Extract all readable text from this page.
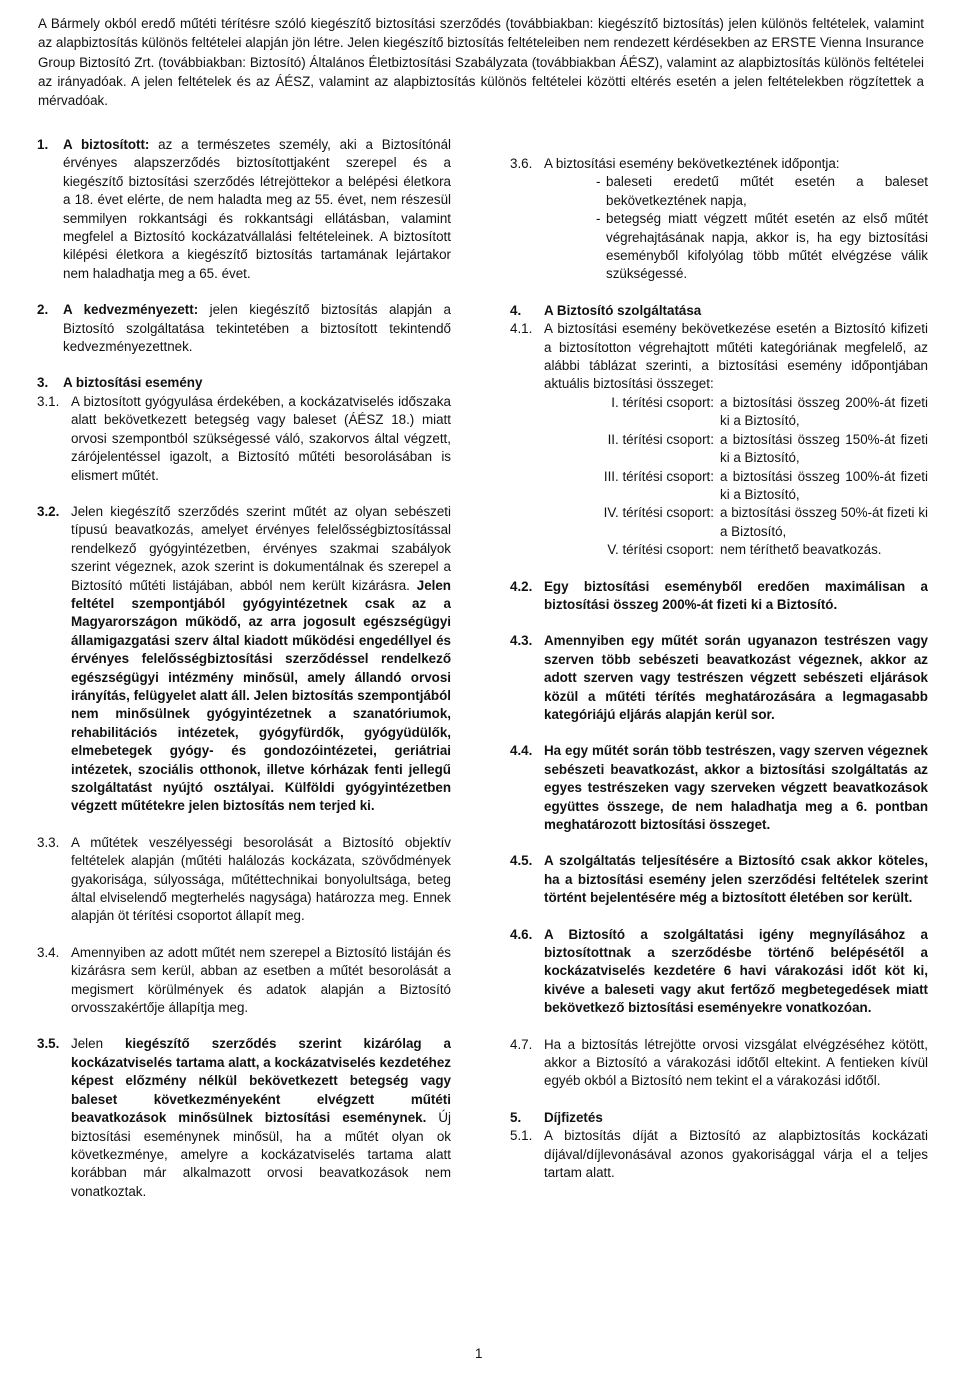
A Bármely okból eredő műtéti térítésre szóló kiegészítő biztosítási szerződés (továbbiakban: kiegészítő biztosítás) jelen különös feltételek, valamint az alapbiztosítás különös feltételei alapján jön létre. Jelen kiegészítő biztosítás feltételeiben nem rendezett kérdésekben az ERSTE Vienna Insurance Group Biztosító Zrt. (továbbiakban: Biztosító) Általános Életbiztosítási Szabályzata (továbbiakban ÁÉSZ), valamint az alapbiztosítás különös feltételei az irányadóak. A jelen feltételek és az ÁÉSZ, valamint az alapbiztosítás különös feltételei közötti eltérés esetén a jelen feltételekben rögzítettek a mérvadóak.
1. A biztosított: az a természetes személy, aki a Biztosítónál érvényes alapszerződés biztosítottjaként szerepel és a kiegészítő biztosítási szerződés létrejöttekor a belépési életkora a 18. évet elérte, de nem haladta meg az 55. évet, nem részesül semmilyen rokkantsági és rokkantsági ellátásban, valamint megfelel a Biztosító kockázatvállalási feltételeinek. A biztosított kilépési életkora a kiegészítő biztosítás tartamának lejártakor nem haladhatja meg a 65. évet.
2. A kedvezményezett: jelen kiegészítő biztosítás alapján a Biztosító szolgáltatása tekintetében a biztosított tekintendő kedvezményezettnek.
3. A biztosítási esemény
3.1. A biztosított gyógyulása érdekében, a kockázatviselés időszaka alatt bekövetkezett betegség vagy baleset (ÁÉSZ 18.) miatt orvosi szempontból szükségessé váló, szakorvos által végzett, zárójelentéssel igazolt, a Biztosító műtéti besorolásában is elismert műtét.
3.2. Jelen kiegészítő szerződés szerint műtét az olyan sebészeti típusú beavatkozás, amelyet érvényes felelősségbiztosítással rendelkező gyógyintézetben, érvényes szakmai szabályok szerint végeznek, azok szerint is dokumentálnak és szerepel a Biztosító műtéti listájában, abból nem került kizárásra. Jelen feltétel szempontjából gyógyintézetnek csak az a Magyarországon működő, az arra jogosult egészségügyi államigazgatási szerv által kiadott működési engedéllyel és érvényes felelősségbiztosítási szerződéssel rendelkező egészségügyi intézmény minősül, amely állandó orvosi irányítás, felügyelet alatt áll. Jelen biztosítás szempontjából nem minősülnek gyógyintézetnek a szanatóriumok, rehabilitációs intézetek, gyógyfürdők, gyógyüdülők, elmebetegek gyógy- és gondozóintézetei, geriátriai intézetek, szociális otthonok, illetve kórházak fenti jellegű szolgáltatást nyújtó osztályai. Külföldi gyógyintézetben végzett műtétekre jelen biztosítás nem terjed ki.
3.3. A műtétek veszélyességi besorolását a Biztosító objektív feltételek alapján (műtéti halálozás kockázata, szövődmények gyakorisága, súlyossága, műtéttechnikai bonyolultsága, beteg által elviselendő megterhelés nagysága) határozza meg. Ennek alapján öt térítési csoportot állapít meg.
3.4. Amennyiben az adott műtét nem szerepel a Biztosító listáján és kizárásra sem kerül, abban az esetben a műtét besorolását a megismert körülmények és adatok alapján a Biztosító orvosszakértője állapítja meg.
3.5. Jelen kiegészítő szerződés szerint kizárólag a kockázatviselés tartama alatt, a kockázatviselés kezdetéhez képest előzmény nélkül bekövetkezett betegség vagy baleset következményeként elvégzett műtéti beavatkozások minősülnek biztosítási eseménynek. Új biztosítási eseménynek minősül, ha a műtét olyan ok következménye, amelyre a kockázatviselés tartama alatt korábban már alkalmazott orvosi beavatkozások nem vonatkoztak.
3.6. A biztosítási esemény bekövetkeztének időpontja:
- baleseti eredetű műtét esetén a baleset bekövetkeztének napja,
- betegség miatt végzett műtét esetén az első műtét végrehajtásának napja, akkor is, ha egy biztosítási eseményből kifolyólag több műtét elvégzése válik szükségessé.
4. A Biztosító szolgáltatása
4.1. A biztosítási esemény bekövetkezése esetén a Biztosító kifizeti a biztosítotton végrehajtott műtéti kategóriának megfelelő, az alábbi táblázat szerinti, a biztosítási esemény időpontjában aktuális biztosítási összeget:
I. térítési csoport:	a biztosítási összeg 200%-át fizeti ki a Biztosító,
II. térítési csoport:	a biztosítási összeg 150%-át fizeti ki a Biztosító,
III. térítési csoport:	a biztosítási összeg 100%-át fizeti ki a Biztosító,
IV. térítési csoport:	a biztosítási összeg 50%-át fizeti ki a Biztosító,
V. térítési csoport:	nem téríthető beavatkozás.
4.2. Egy biztosítási eseményből eredően maximálisan a biztosítási összeg 200%-át fizeti ki a Biztosító.
4.3. Amennyiben egy műtét során ugyanazon testrészen vagy szerven több sebészeti beavatkozást végeznek, akkor az adott szerven vagy testrészen végzett sebészeti eljárások közül a műtéti térítés meghatározására a legmagasabb kategóriájú eljárás alapján kerül sor.
4.4. Ha egy műtét során több testrészen, vagy szerven végeznek sebészeti beavatkozást, akkor a biztosítási szolgáltatás az egyes testrészeken vagy szerveken végzett beavatkozások együttes összege, de nem haladhatja meg a 6. pontban meghatározott biztosítási összeget.
4.5. A szolgáltatás teljesítésére a Biztosító csak akkor köteles, ha a biztosítási esemény jelen szerződési feltételek szerint történt bejelentésére még a biztosított életében sor került.
4.6. A Biztosító a szolgáltatási igény megnyílásához a biztosítottnak a szerződésbe történő belépésétől a kockázatviselés kezdetére 6 havi várakozási időt köt ki, kivéve a baleseti vagy akut fertőző megbetegedések miatt bekövetkező biztosítási eseményekre vonatkozóan.
4.7. Ha a biztosítás létrejötte orvosi vizsgálat elvégzéséhez kötött, akkor a Biztosító a várakozási időtől eltekint. A fentieken kívül egyéb okból a Biztosító nem tekint el a várakozási időtől.
5. Díjfizetés
5.1. A biztosítás díját a Biztosító az alapbiztosítás kockázati díjával/díjlevonásával azonos gyakorisággal várja el a teljes tartam alatt.
1
